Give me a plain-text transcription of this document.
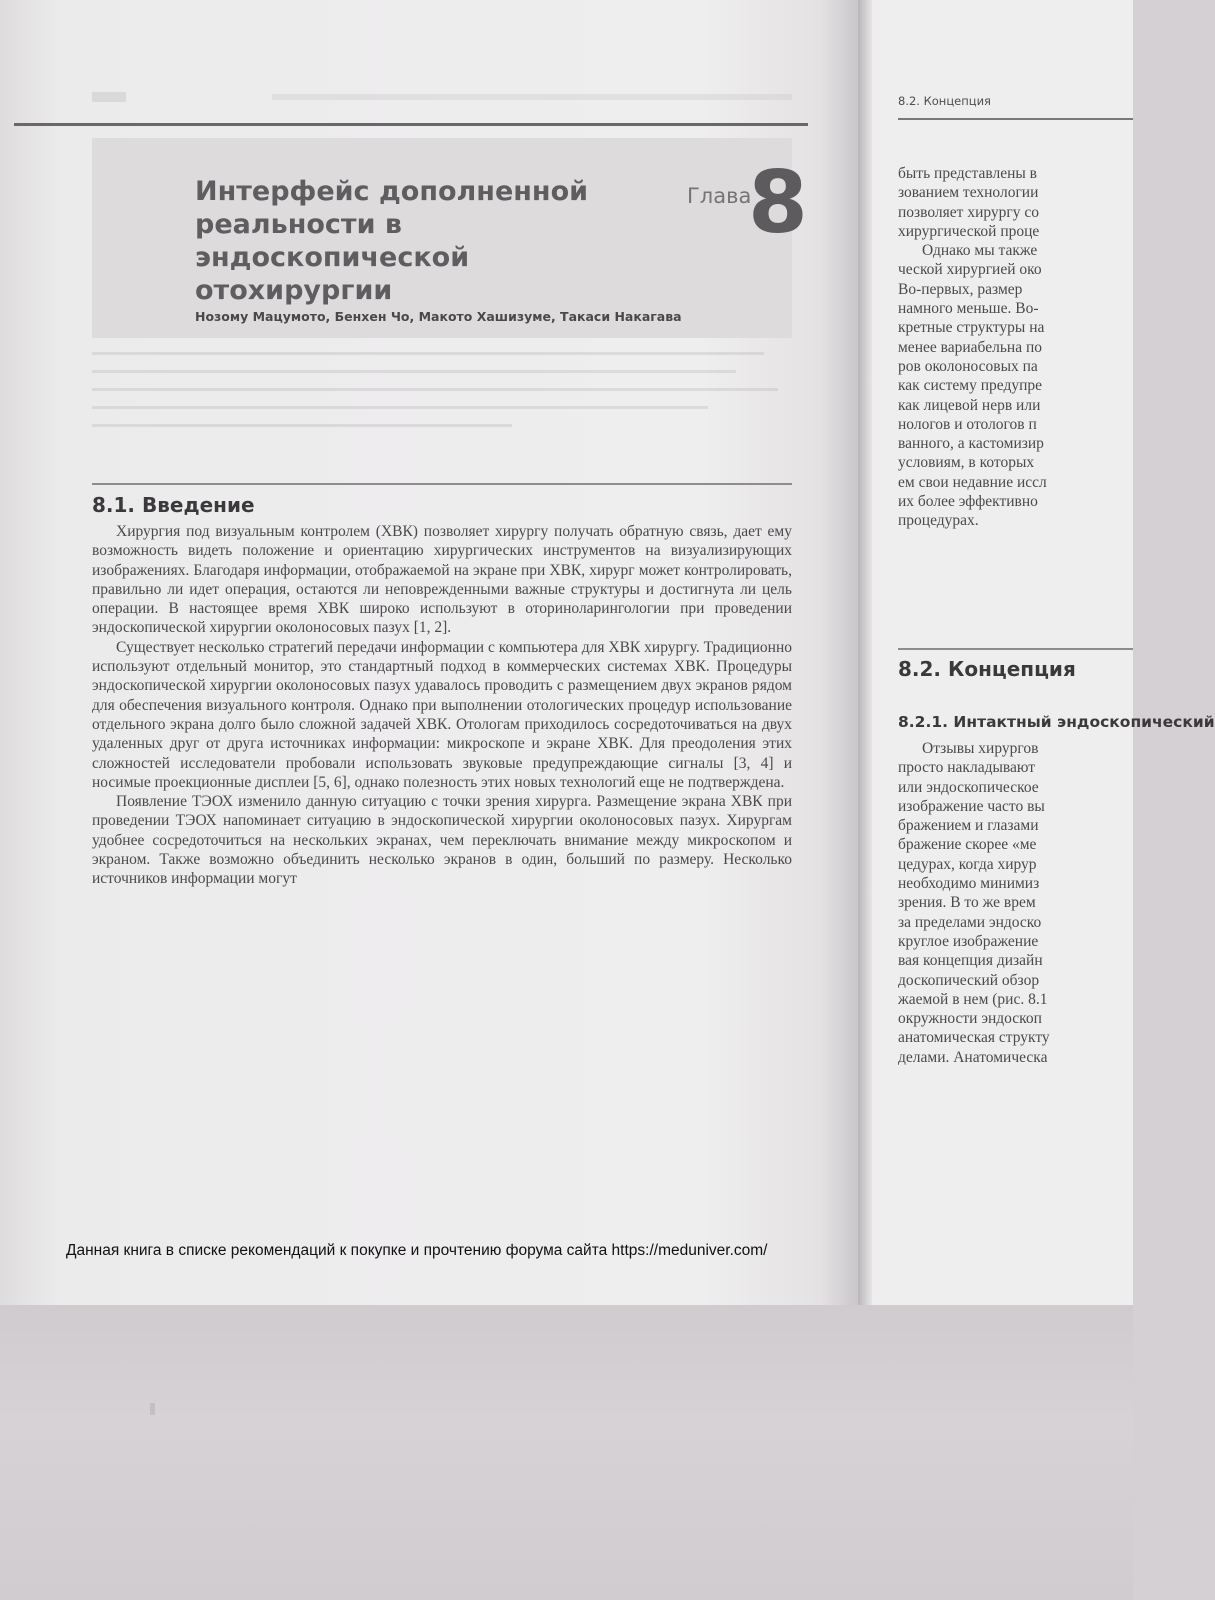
Интерфейс дополненной
реальности в эндоскопической
отохирургии
Глава
8
Нозому Мацумото, Бенхен Чо, Макото Хашизуме, Такаси Накагава
8.1. Введение

Хирургия под визуальным контролем (ХВК) позволяет хирургу получать обратную связь, дает ему возможность видеть положение и ориентацию хирургических инструментов на визуализирующих изображениях. Благодаря информации, отображаемой на экране при ХВК, хирург может контролировать, правильно ли идет операция, остаются ли неповрежденными важные структуры и достигнута ли цель операции. В настоящее время ХВК широко используют в оториноларингологии при проведении эндоскопической хирургии околоносовых пазух [1, 2].

Существует несколько стратегий передачи информации с компьютера для ХВК хирургу. Традиционно используют отдельный монитор, это стандартный подход в коммерческих системах ХВК. Процедуры эндоскопической хирургии околоносовых пазух удавалось проводить с размещением двух экранов рядом для обеспечения визуального контроля. Однако при выполнении отологических процедур использование отдельного экрана долго было сложной задачей ХВК. Отологам приходилось сосредоточиваться на двух удаленных друг от друга источниках информации: микроскопе и экране ХВК. Для преодоления этих сложностей исследователи пробовали использовать звуковые предупреждающие сигналы [3, 4] и носимые проекционные дисплеи [5, 6], однако полезность этих новых технологий еще не подтверждена.

Появление ТЭОХ изменило данную ситуацию с точки зрения хирурга. Размещение экрана ХВК при проведении ТЭОХ напоминает ситуацию в эндоскопической хирургии околоносовых пазух. Хирургам удобнее сосредоточиться на нескольких экранах, чем переключать внимание между микроскопом и экраном. Также возможно объединить несколько экранов в один, больший по размеру. Несколько источников информации могут

8.2. Концепция
быть представлены в
зованием технологии
позволяет хирургу со
хирургической проце
Однако мы также
ческой хирургией око
Во-первых, размер
намного меньше. Во-
кретные структуры на
менее вариабельна по
ров околоносовых па
как систему предупре
как лицевой нерв или
нологов и отологов п
ванного, а кастомизир
условиям, в которых
ем свои недавние иссл
их более эффективно
процедурах.
8.2. Концепция
8.2.1. Интактный эндоскопический
Отзывы хирургов
просто накладывают
или эндоскопическое
изображение часто вы
бражением и глазами
бражение скорее «ме
цедурах, когда хирур
необходимо минимиз
зрения. В то же врем
за пределами эндоско
круглое изображение
вая концепция дизайн
доскопический обзор
жаемой в нем (рис. 8.1
окружности эндоскоп
анатомическая структу
делами. Анатомическа
Данная книга в списке рекомендаций к покупке и прочтению форума сайта https://meduniver.com/
